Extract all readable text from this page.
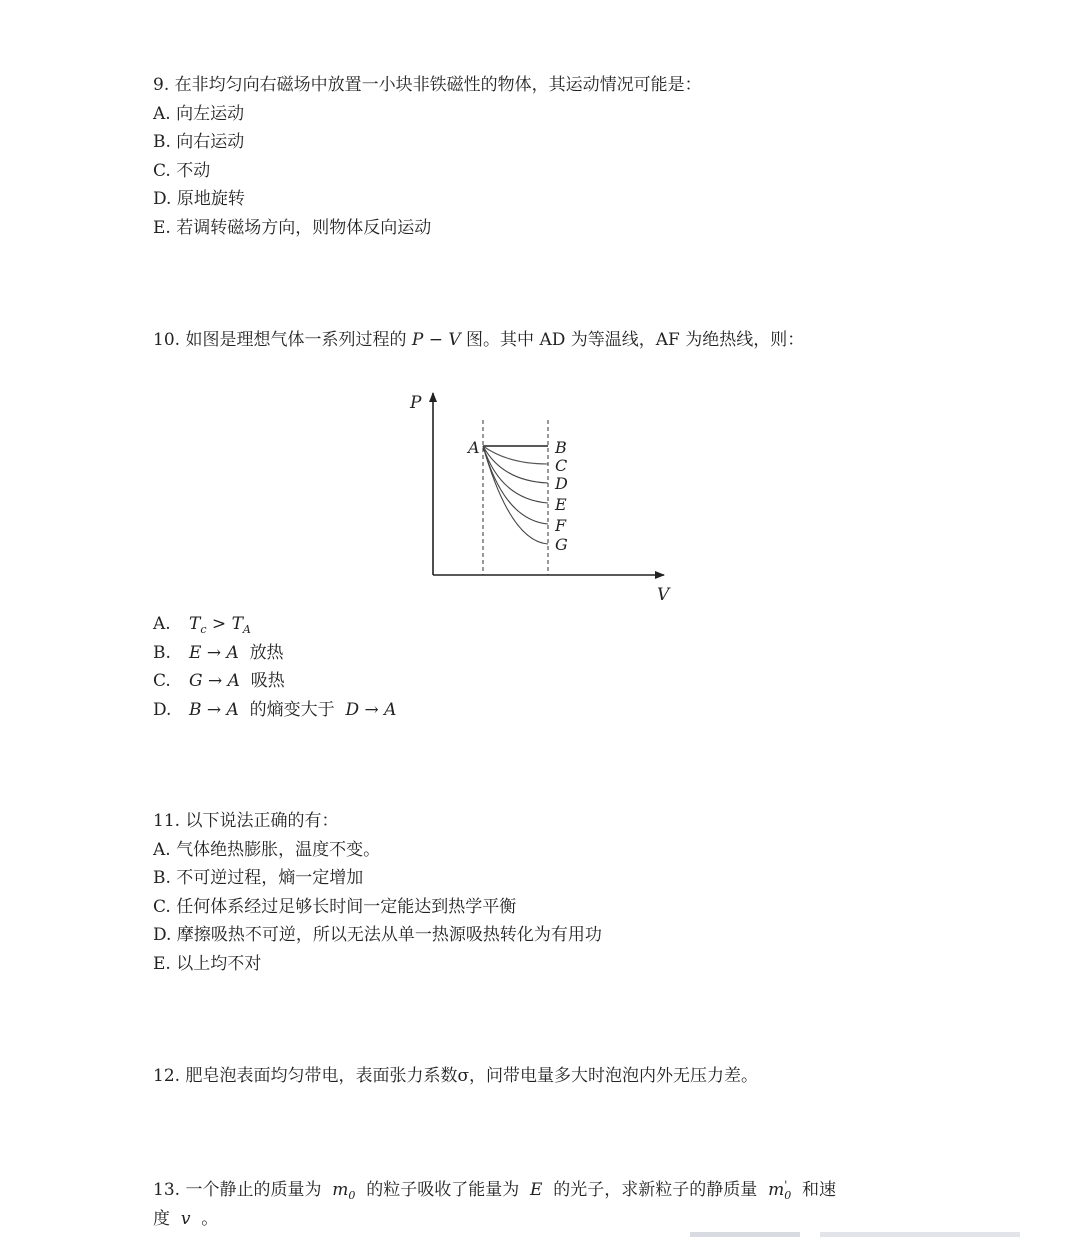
9. 在非均匀向右磁场中放置一小块非铁磁性的物体，其运动情况可能是：
A. 向左运动
B. 向右运动
C. 不动
D. 原地旋转
E. 若调转磁场方向，则物体反向运动
10. 如图是理想气体一系列过程的 P − V 图。其中 AD 为等温线，AF 为绝热线，则：
P
V
A	B
C
D
E
F
G
A. $T_c > T_A$
B. E → A 放热
C. G → A 吸热
D. B → A 的熵变大于 D → A
11. 以下说法正确的有：
A. 气体绝热膨胀，温度不变。
B. 不可逆过程，熵一定增加
C. 任何体系经过足够长时间一定能达到热学平衡
D. 摩擦吸热不可逆，所以无法从单一热源吸热转化为有用功
E. 以上均不对
12. 肥皂泡表面均匀带电，表面张力系数σ，问带电量多大时泡泡内外无压力差。
13. 一个静止的质量为 $m_0$ 的粒子吸收了能量为 E 的光子，求新粒子的静质量 $m'_0$ 和速
度 v 。
